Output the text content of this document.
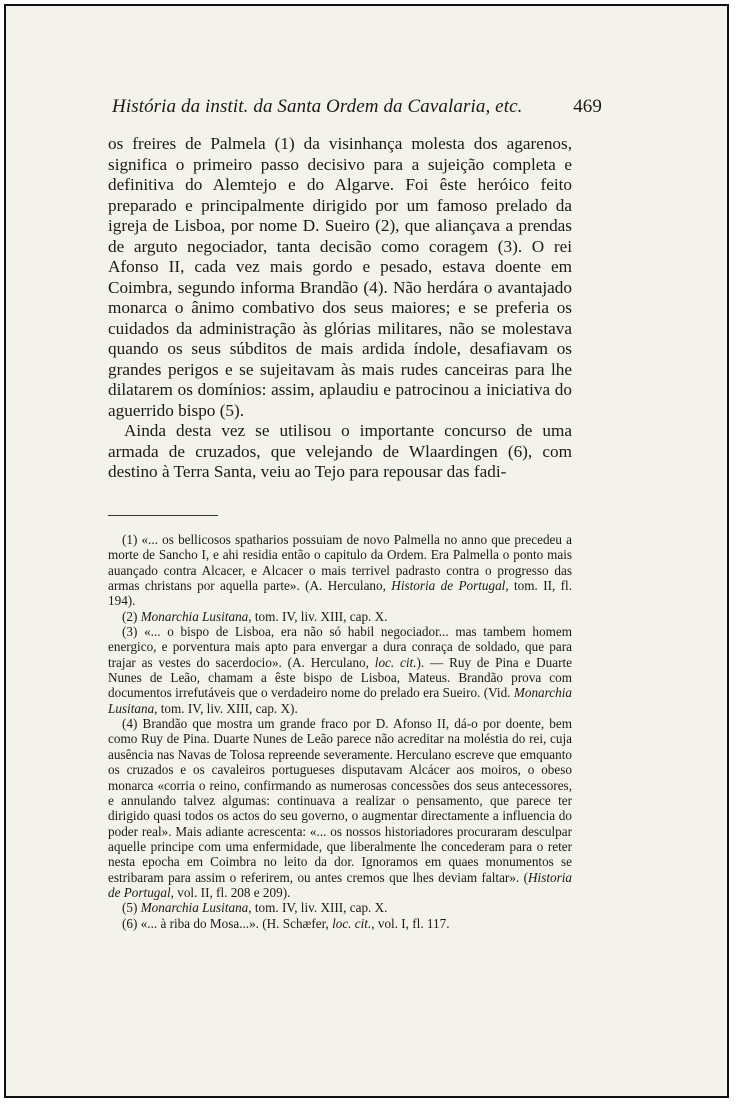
História da instit. da Santa Ordem da Cavalaria, etc.	469

os freires de Palmela (1) da visinhança molesta dos agarenos, significa o primeiro passo decisivo para a sujeição completa e definitiva do Alemtejo e do Algarve. Foi êste heróico feito preparado e principalmente dirigido por um famoso prelado da igreja de Lisboa, por nome D. Sueiro (2), que aliançava a prendas de arguto negociador, tanta decisão como coragem (3). O rei Afonso II, cada vez mais gordo e pesado, estava doente em Coimbra, segundo informa Brandão (4). Não herdára o avantajado monarca o ânimo combativo dos seus maiores; e se preferia os cuidados da administração às glórias militares, não se molestava quando os seus súbditos de mais ardida índole, desafiavam os grandes perigos e se sujeitavam às mais rudes canceiras para lhe dilatarem os domínios: assim, aplaudiu e patrocinou a iniciativa do aguerrido bispo (5).

Ainda desta vez se utilisou o importante concurso de uma armada de cruzados, que velejando de Wlaardingen (6), com destino à Terra Santa, veiu ao Tejo para repousar das fadi-

(1) «... os bellicosos spatharios possuiam de novo Palmella no anno que precedeu a morte de Sancho I, e ahi residia então o capitulo da Ordem. Era Palmella o ponto mais auançado contra Alcacer, e Alcacer o mais terrivel padrasto contra o progresso das armas christans por aquella parte». (A. Herculano, Historia de Portugal, tom. II, fl. 194).

(2) Monarchia Lusitana, tom. IV, liv. XIII, cap. X.

(3) «... o bispo de Lisboa, era não só habil negociador... mas tambem homem energico, e porventura mais apto para envergar a dura conraça de soldado, que para trajar as vestes do sacerdocio». (A. Herculano, loc. cit.). — Ruy de Pina e Duarte Nunes de Leão, chamam a êste bispo de Lisboa, Mateus. Brandão prova com documentos irrefutáveis que o verdadeiro nome do prelado era Sueiro. (Vid. Monarchia Lusitana, tom. IV, liv. XIII, cap. X).

(4) Brandão que mostra um grande fraco por D. Afonso II, dá-o por doente, bem como Ruy de Pina. Duarte Nunes de Leão parece não acreditar na moléstia do rei, cuja ausência nas Navas de Tolosa repreende severamente. Herculano escreve que emquanto os cruzados e os cavaleiros portugueses disputavam Alcácer aos moiros, o obeso monarca «corria o reino, confirmando as numerosas concessões dos seus antecessores, e annulando talvez algumas: continuava a realizar o pensamento, que parece ter dirigido quasi todos os actos do seu governo, o augmentar directamente a influencia do poder real». Mais adiante acrescenta: «... os nossos historiadores procuraram desculpar aquelle principe com uma enfermidade, que liberalmente lhe concederam para o reter nesta epocha em Coimbra no leito da dor. Ignoramos em quaes monumentos se estribaram para assim o referirem, ou antes cremos que lhes deviam faltar». (Historia de Portugal, vol. II, fl. 208 e 209).

(5) Monarchia Lusitana, tom. IV, liv. XIII, cap. X.

(6) «... à riba do Mosa...». (H. Schæfer, loc. cit., vol. I, fl. 117.
